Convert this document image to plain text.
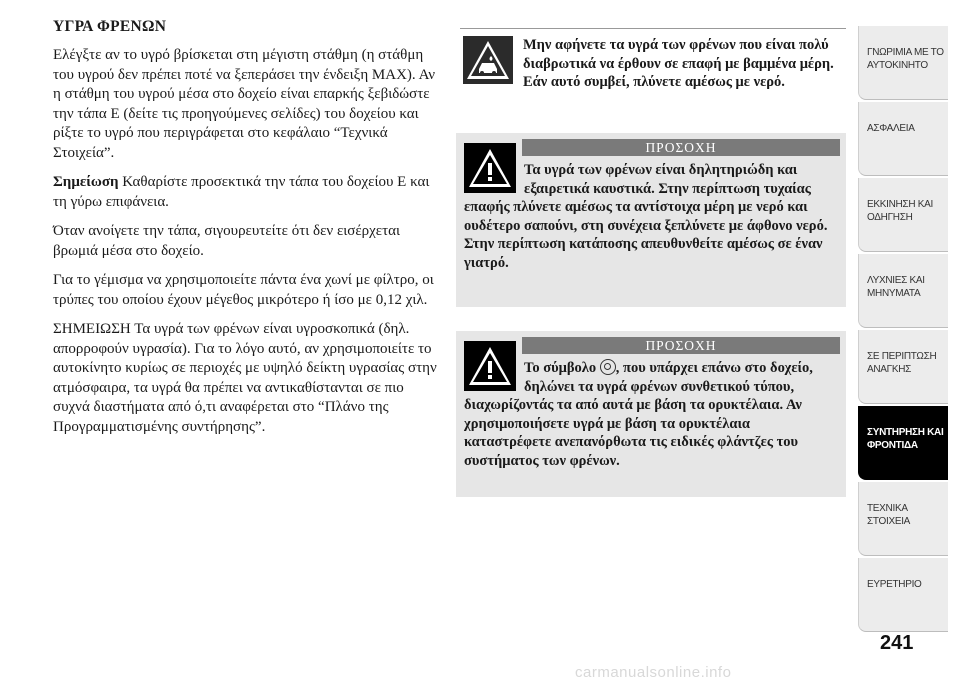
ΥΓΡΑ ΦΡΕΝΩΝ

Ελέγξτε αν το υγρό βρίσκεται στη μέγιστη στάθμη (η στάθμη του υγρού δεν πρέπει ποτέ να ξεπεράσει την ένδειξη MAX). Αν η στάθμη του υγρού μέσα στο δοχείο είναι επαρκής ξεβιδώστε την τάπα E (δείτε τις προηγούμενες σελίδες) του δοχείου και ρίξτε το υγρό που περιγράφεται στο κεφάλαιο “Τεχνικά Στοιχεία”.

Σημείωση Καθαρίστε προσεκτικά την τάπα του δοχείου E και τη γύρω επιφάνεια.

Όταν ανοίγετε την τάπα, σιγουρευτείτε ότι δεν εισέρχεται βρωμιά μέσα στο δοχείο.

Για το γέμισμα να χρησιμοποιείτε πάντα ένα χωνί με φίλτρο, οι τρύπες του οποίου έχουν μέγεθος μικρότερο ή ίσο με 0,12 χιλ.

ΣΗΜΕΙΩΣΗ Τα υγρά των φρένων είναι υγροσκοπικά (δηλ. απορροφούν υγρασία). Για το λόγο αυτό, αν χρησιμοποιείτε το αυτοκίνητο κυρίως σε περιοχές με υψηλό δείκτη υγρασίας στην ατμόσφαιρα, τα υγρά θα πρέπει να αντικαθίστανται σε πιο συχνά διαστήματα από ό,τι αναφέρεται στο “Πλάνο της Προγραμματισμένης συντήρησης”.

Μην αφήνετε τα υγρά των φρένων που είναι πολύ διαβρωτικά να έρθουν σε επαφή με βαμμένα μέρη. Εάν αυτό συμβεί, πλύνετε αμέσως με νερό.
ΠΡΟΣΟΧΗ
Τα υγρά των φρένων είναι δηλητηριώδη και εξαιρετικά καυστικά. Στην περίπτωση τυχαίας επαφής πλύνετε αμέσως τα αντίστοιχα μέρη με νερό και ουδέτερο σαπούνι, στη συνέχεια ξεπλύνετε με άφθονο νερό. Στην περίπτωση κατάποσης απευθυνθείτε αμέσως σε έναν γιατρό.
ΠΡΟΣΟΧΗ
Το σύμβολο , που υπάρχει επάνω στο δοχείο, δηλώνει τα υγρά φρένων συνθετικού τύπου, διαχωρίζοντάς τα από αυτά με βάση τα ορυκτέλαια. Αν χρησιμοποιήσετε υγρά με βάση τα ορυκτέλαια καταστρέφετε ανεπανόρθωτα τις ειδικές φλάντζες του συστήματος των φρένων.
ΓΝΩΡΙΜΙΑ ΜΕ ΤΟ ΑΥΤΟΚΙΝΗΤΟ
ΑΣΦΑΛΕΙΑ
ΕΚΚΙΝΗΣΗ ΚΑΙ ΟΔΗΓΗΣΗ
ΛΥΧΝΙΕΣ ΚΑΙ ΜΗΝΥΜΑΤΑ
ΣΕ ΠΕΡΙΠΤΩΣΗ ΑΝΑΓΚΗΣ
ΣΥΝΤΗΡΗΣΗ ΚΑΙ ΦΡΟΝΤΙΔΑ
ΤΕΧΝΙΚΑ ΣΤΟΙΧΕΙΑ
ΕΥΡΕΤΗΡΙΟ
241
carmanualsonline.info
